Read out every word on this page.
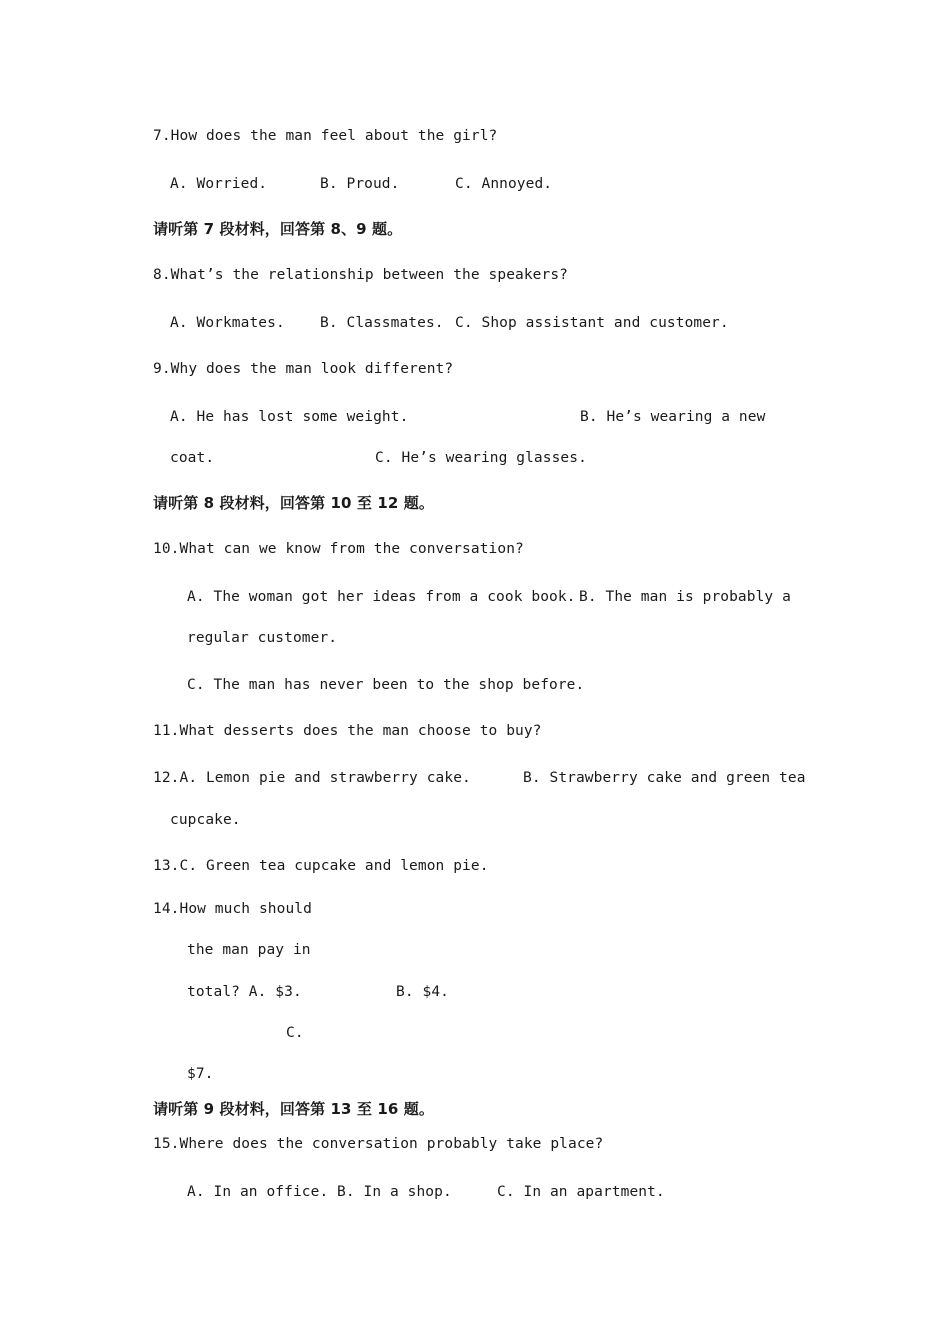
7.How does the man feel about the girl?
A. Worried.	B. Proud.	C. Annoyed.
请听第 7 段材料，回答第 8、9 题。
8.What’s the relationship between the speakers?
A. Workmates. B. Classmates. C. Shop assistant and customer.
9.Why does the man look different?
A. He has lost some weight.	B. He’s wearing a new
coat.	C. He’s wearing glasses.
请听第 8 段材料，回答第 10 至 12 题。
10.What can we know from the conversation?
A. The woman got her ideas from a cook book. B. The man is probably a
regular customer.
C. The man has never been to the shop before.
11.What desserts does the man choose to buy?
12.A. Lemon pie and strawberry cake.	B. Strawberry cake and green tea
cupcake.
13.C. Green tea cupcake and lemon pie.
14.How much should
the man pay in
total? A. $3.	B. $4.
C.
$7.
请听第 9 段材料，回答第 13 至 16 题。
15.Where does the conversation probably take place?
A. In an office. B. In a shop.	C. In an apartment.
